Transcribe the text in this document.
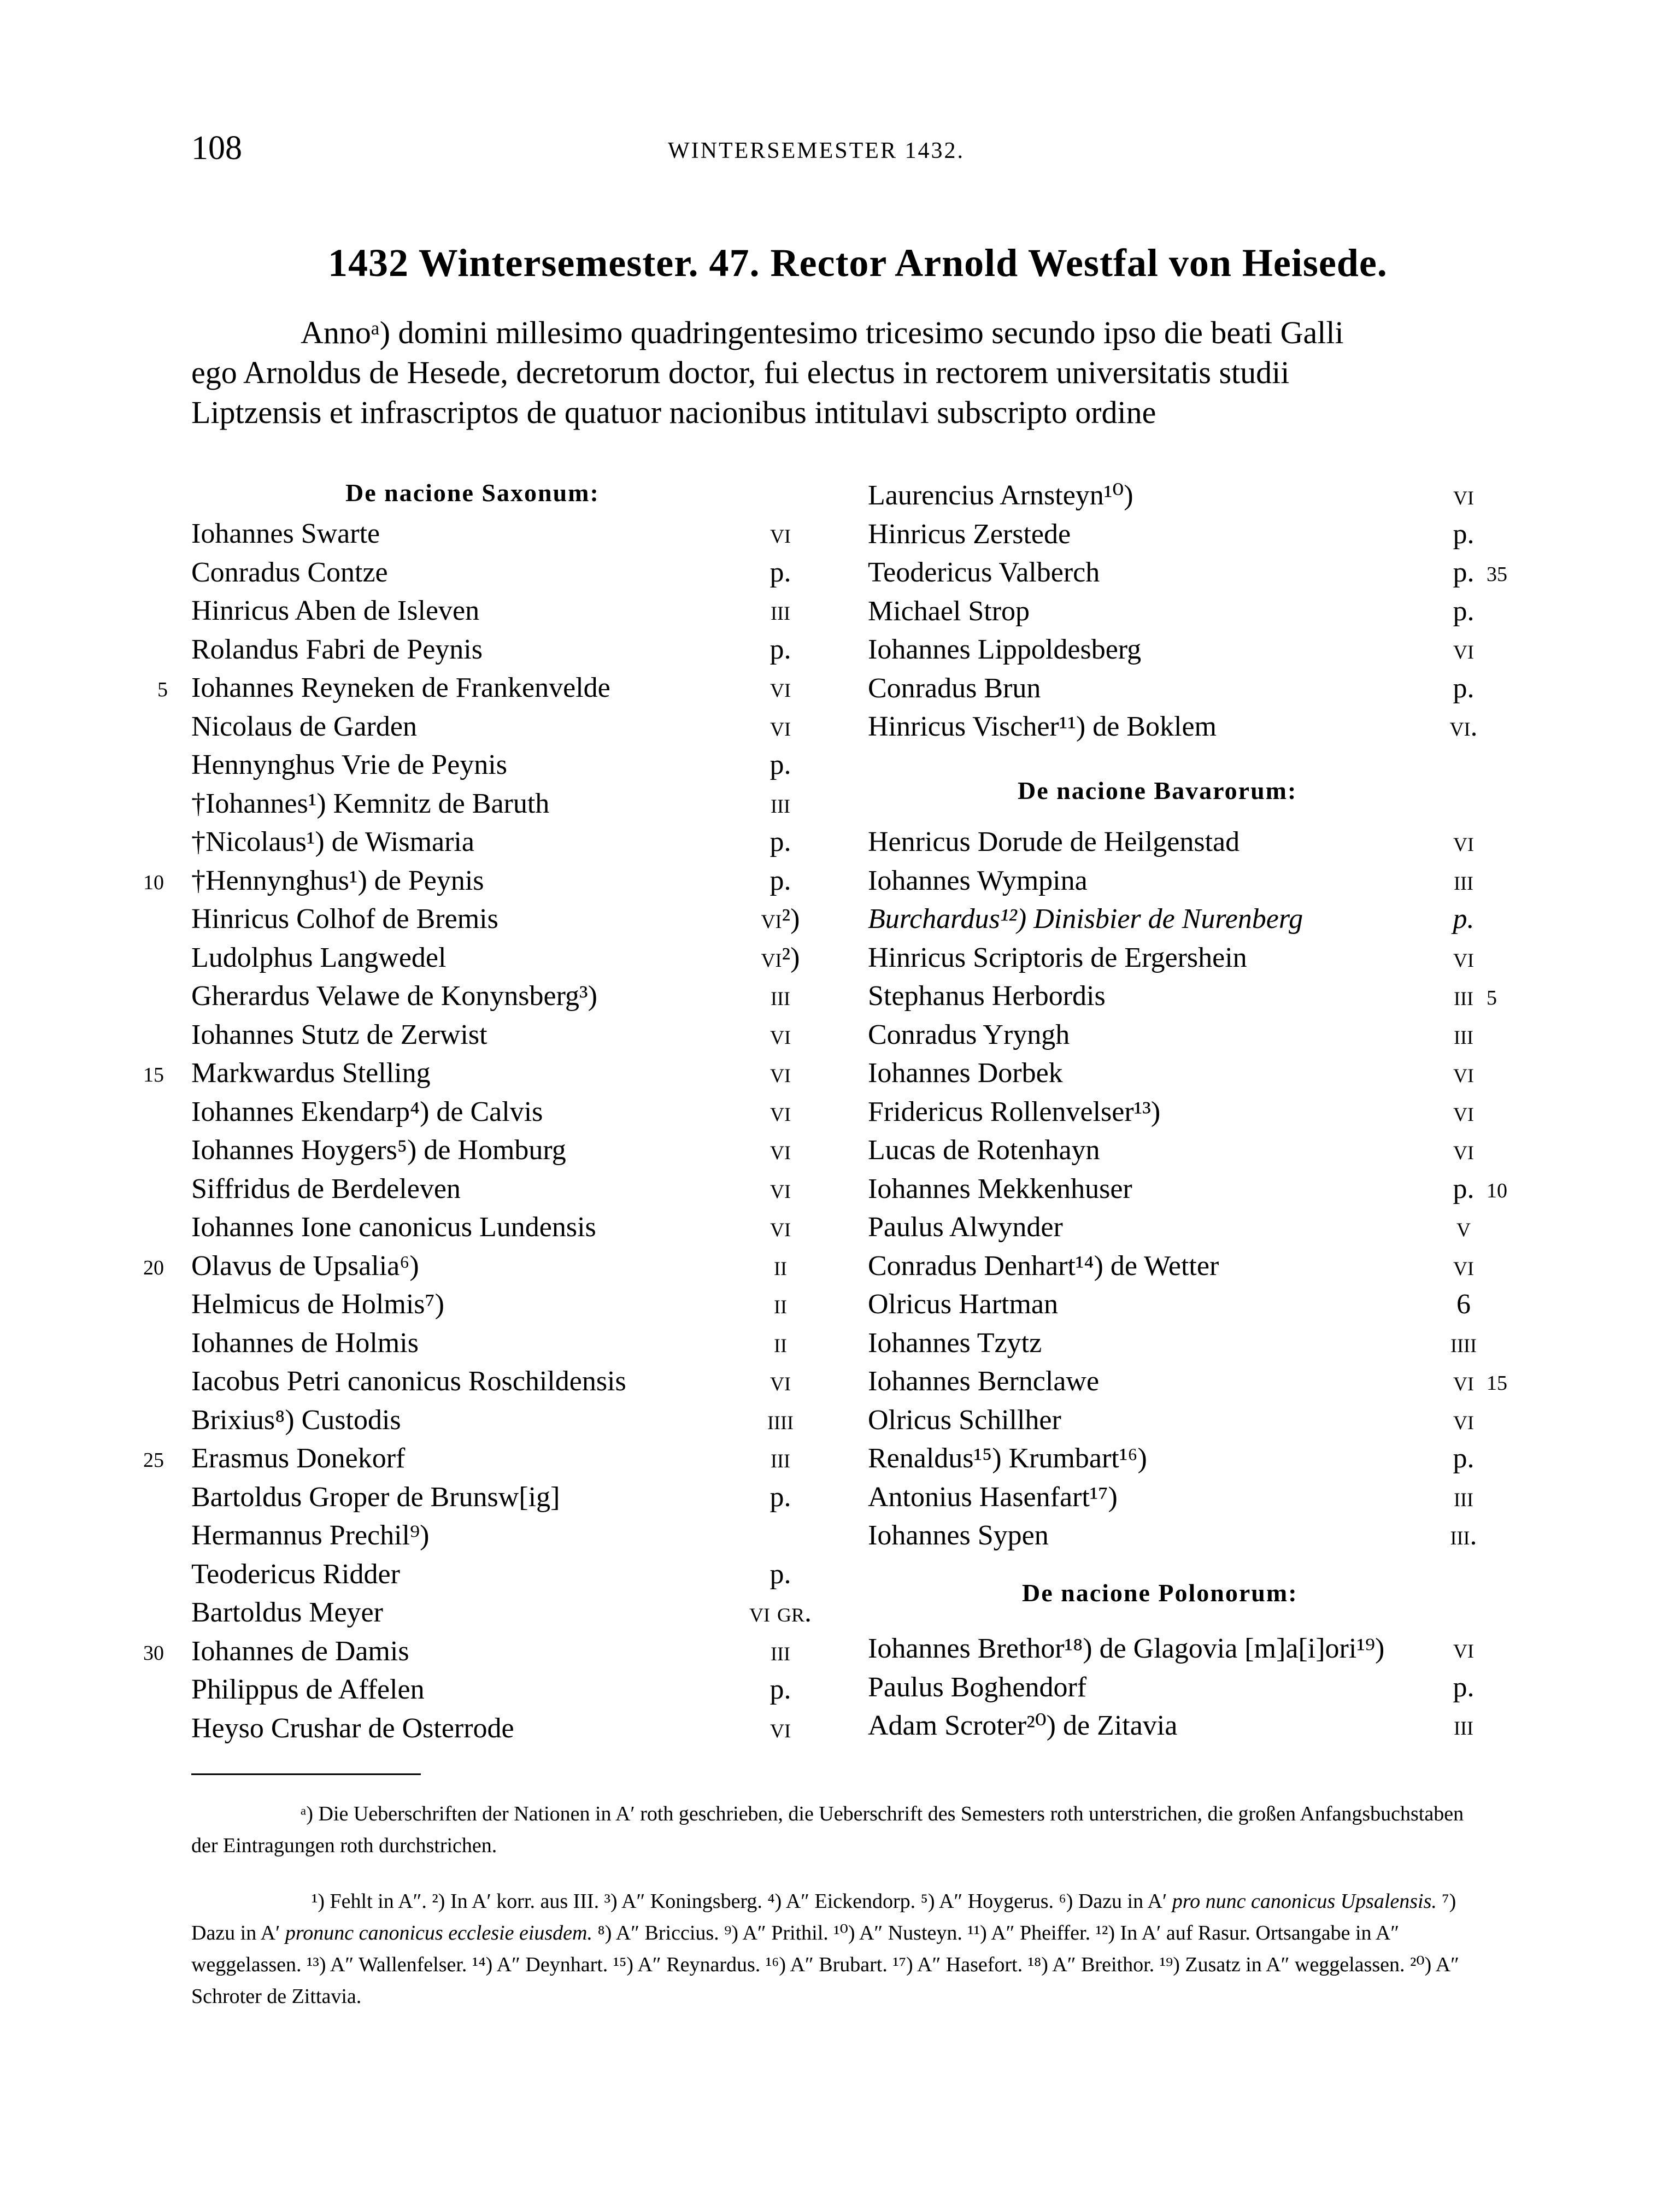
108	WINTERSEMESTER 1432.
1432 Wintersemester. 47. Rector Arnold Westfal von Heisede.
Annoᵃ) domini millesimo quadringentesimo tricesimo secundo ipso die beati Galli
ego Arnoldus de Hesede, decretorum doctor, fui electus in rectorem universitatis studii
Liptzensis et infrascriptos de quatuor nacionibus intitulavi subscripto ordine
De nacione Saxonum:
Iohannes Swarte	vi
Conradus Contze	p.
Hinricus Aben de Isleven	iii
Rolandus Fabri de Peynis	p.
Iohannes Reyneken de Frankenvelde	vi
Nicolaus de Garden	vi
Hennynghus Vrie de Peynis	p.
†Iohannes¹) Kemnitz de Baruth	iii
†Nicolaus¹) de Wismaria	p.
†Hennynghus¹) de Peynis	p.
Hinricus Colhof de Bremis	vi²)
Ludolphus Langwedel	vi²)
Gherardus Velawe de Konynsberg³)	iii
Iohannes Stutz de Zerwist	vi
Markwardus Stelling	vi
Iohannes Ekendarp⁴) de Calvis	vi
Iohannes Hoygers⁵) de Homburg	vi
Siffridus de Berdeleven	vi
Iohannes Ione canonicus Lundensis	vi
Olavus de Upsalia⁶)	ii
Helmicus de Holmis⁷)	ii
Iohannes de Holmis	ii
Iacobus Petri canonicus Roschildensis	vi
Brixius⁸) Custodis	iiii
Erasmus Donekorf	iii
Bartoldus Groper de Brunsw[ig]	p.
Hermannus Prechil⁹)
Teodericus Ridder	p.
Bartoldus Meyer	vi gr.
Iohannes de Damis	iii
Philippus de Affelen	p.
Heyso Crushar de Osterrode	vi
Laurencius Arnsteyn¹⁰)	vi
Hinricus Zerstede	p.
Teodericus Valberch	p.
Michael Strop	p.
Iohannes Lippoldesberg	vi
Conradus Brun	p.
Hinricus Vischer¹¹) de Boklem	vi.
De nacione Bavarorum:
Henricus Dorude de Heilgenstad	vi
Iohannes Wympina	iii
Burchardus¹²) Dinisbier de Nurenberg	p.
Hinricus Scriptoris de Ergershein	vi
Stephanus Herbordis	iii
Conradus Yryngh	iii
Iohannes Dorbek	vi
Fridericus Rollenvelser¹³)	vi
Lucas de Rotenhayn	vi
Iohannes Mekkenhuser	p.
Paulus Alwynder	v
Conradus Denhart¹⁴) de Wetter	vi
Olricus Hartman	6
Iohannes Tzytz	iiii
Iohannes Bernclawe	vi
Olricus Schillher	vi
Renaldus¹⁵) Krumbart¹⁶)	p.
Antonius Hasenfart¹⁷)	iii
Iohannes Sypen	iii.
De nacione Polonorum:
Iohannes Brethor¹⁸) de Glagovia [m]a[i]ori¹⁹)	vi
Paulus Boghendorf	p.
Adam Scroter²⁰) de Zitavia	iii
5
10
15
20
25
30
35
5
10
15
ᵃ) Die Ueberschriften der Nationen in A′ roth geschrieben, die Ueberschrift des Semesters roth unterstrichen, die großen Anfangsbuchstaben der Eintragungen roth durchstrichen.
¹) Fehlt in A″. ²) In A′ korr. aus III. ³) A″ Koningsberg. ⁴) A″ Eickendorp. ⁵) A″ Hoygerus. ⁶) Dazu in A′ pro nunc canonicus Upsalensis. ⁷) Dazu in A′ pronunc canonicus ecclesie eiusdem. ⁸) A″ Briccius. ⁹) A″ Prithil. ¹⁰) A″ Nusteyn. ¹¹) A″ Pheiffer. ¹²) In A′ auf Rasur. Ortsangabe in A″ weggelassen. ¹³) A″ Wallenfelser. ¹⁴) A″ Deynhart. ¹⁵) A″ Reynardus. ¹⁶) A″ Brubart. ¹⁷) A″ Hasefort. ¹⁸) A″ Breithor. ¹⁹) Zusatz in A″ weggelassen. ²⁰) A″ Schroter de Zittavia.
